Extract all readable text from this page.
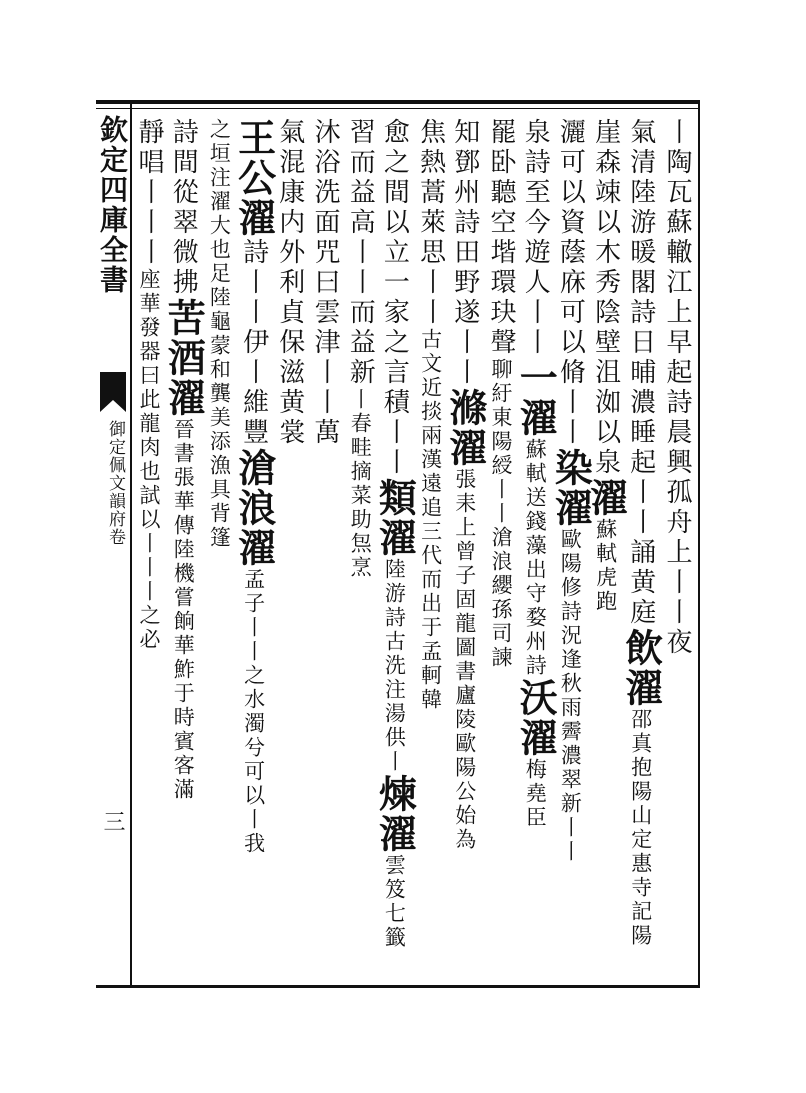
欽定四庫全書
御定佩文韻府卷
三
丨陶瓦蘇轍江上早起詩晨興孤舟上丨丨夜
氣清陸游暖閣詩日晡濃睡起丨丨誦黄庭飲濯邵真抱陽山定惠寺記陽
崖森竦以木秀陰壁沮洳以泉濯蘇軾虎跑
灑可以資蔭庥可以脩丨丨染濯歐陽修詩況逢秋雨霽濃翠新丨丨
泉詩至今遊人丨丨一濯蘇軾送錢藻出守婺州詩沃濯梅堯臣
罷卧聽空堦環玦聲聊紆東陽綬丨丨滄浪纓孫司諫
知鄧州詩田野遂丨丨滌濯張耒上曾子固龍圖書廬陵歐陽公始為
焦熱蒿萊思丨丨古文近掞兩漢遠追三代而出于孟軻韓
愈之間以立一家之言積丨丨類濯陸游詩古洗注湯供丨煉濯雲笈七籤
習而益高丨丨而益新丨春畦摘菜助炰烹
沐浴洗面咒曰雲津丨丨萬
氣混康内外利貞保滋黄裳
王公濯詩丨丨伊丨維豐滄浪濯孟子丨丨之水濁兮可以丨我
之垣注濯大也足陸龜蒙和龔美添漁具背篷
詩間從翠微拂苦酒濯晉書張華傳陸機嘗餉華鮓于時賓客滿
靜唱丨丨丨座華發器曰此龍肉也試以丨丨丨之必
